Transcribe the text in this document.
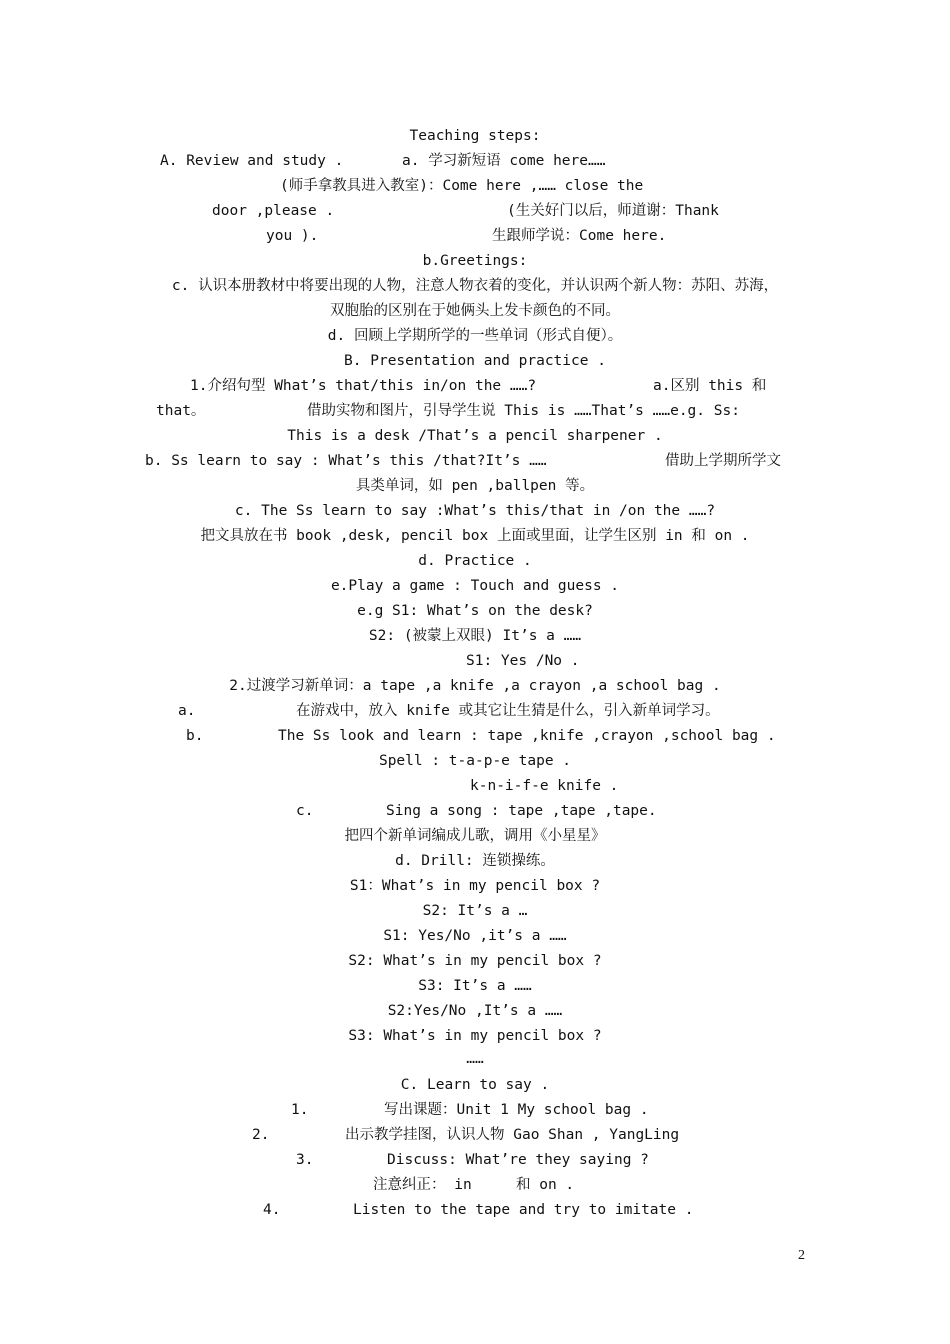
Teaching steps:
A. Review and study .	a. 学习新短语 come here……
(师手拿教具进入教室)：Come here ,…… close the
door ,please .	(生关好门以后，师道谢：Thank
you ).	生跟师学说：Come here.
b.Greetings:
c. 认识本册教材中将要出现的人物，注意人物衣着的变化，并认识两个新人物：苏阳、苏海，
双胞胎的区别在于她俩头上发卡颜色的不同。
d. 回顾上学期所学的一些单词（形式自便）。
B. Presentation and practice .
1.介绍句型 What’s that/this in/on the ……?	a.区别 this 和
that。	借助实物和图片，引导学生说 This is ……That’s ……e.g. Ss:
This is a desk /That’s a pencil sharpener .
b. Ss learn to say : What’s this /that?It’s ……	借助上学期所学文
具类单词，如 pen ,ballpen 等。
c. The Ss learn to say :What’s this/that in /on the ……?
把文具放在书 book ,desk, pencil box 上面或里面，让学生区别 in 和 on .
d. Practice .
e.Play a game : Touch and guess .
e.g S1: What’s on the desk?
S2: (被蒙上双眼) It’s a ……
S1: Yes /No .
2.过渡学习新单词：a tape ,a knife ,a crayon ,a school bag .
a.	在游戏中，放入 knife 或其它让生猜是什么，引入新单词学习。
b.	The Ss look and learn : tape ,knife ,crayon ,school bag .
Spell : t-a-p-e tape .
k-n-i-f-e knife .
c.	Sing a song : tape ,tape ,tape.
把四个新单词编成儿歌，调用《小星星》
d. Drill: 连锁操练。
S1：What’s in my pencil box ?
S2: It’s a …
S1: Yes/No ,it’s a ……
S2: What’s in my pencil box ?
S3: It’s a ……
S2:Yes/No ,It’s a ……
S3: What’s in my pencil box ?
……
C. Learn to say .
1.	写出课题：Unit 1 My school bag .
2.	出示教学挂图，认识人物 Gao Shan , YangLing
3.	Discuss: What’re they saying ?
注意纠正： in	和 on .
4.	Listen to the tape and try to imitate .
2
